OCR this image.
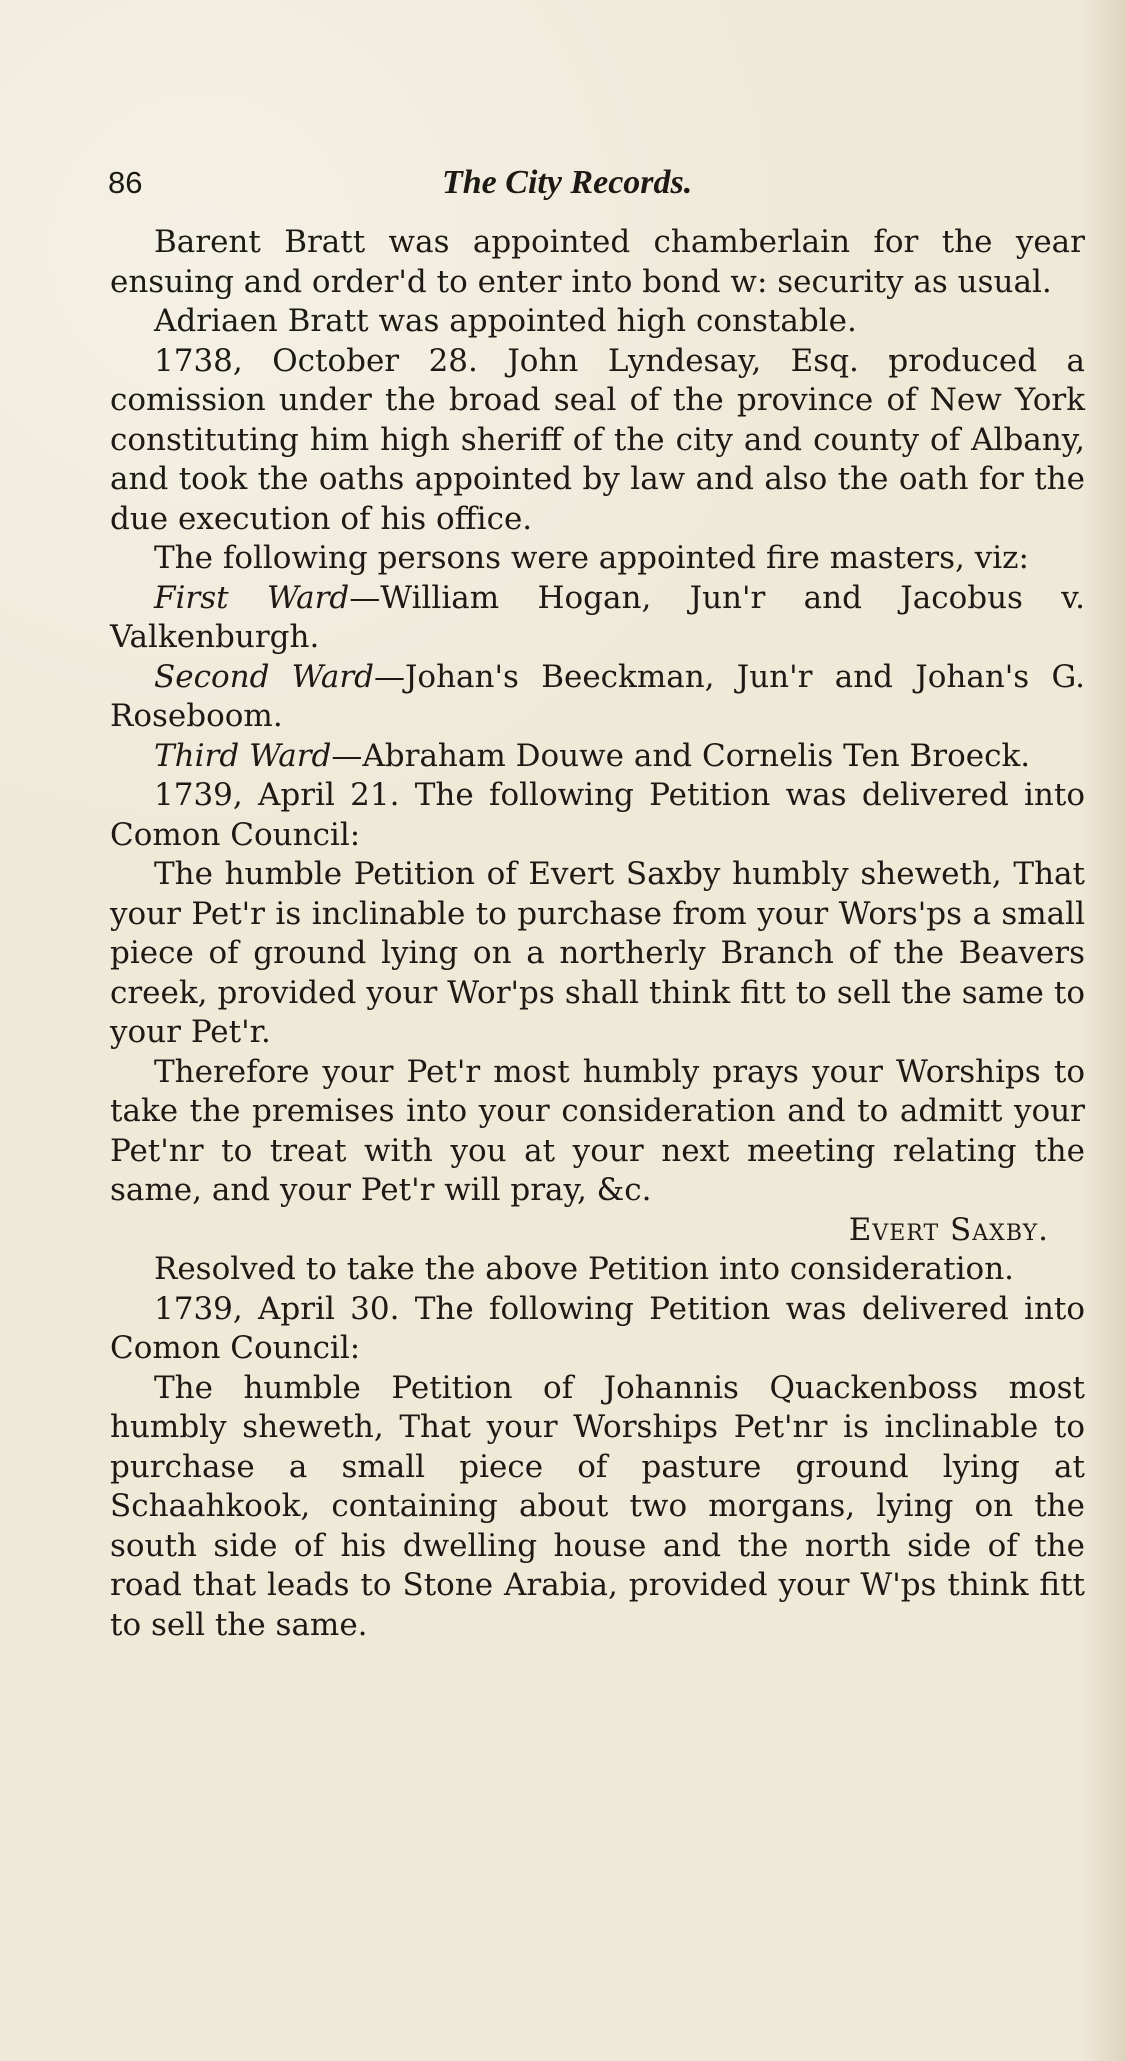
86	The City Records.

Barent Bratt was appointed chamberlain for the year ensuing and order'd to enter into bond w: security as usual.

Adriaen Bratt was appointed high constable.

1738, October 28. John Lyndesay, Esq. produced a comission under the broad seal of the province of New York constituting him high sheriff of the city and county of Albany, and took the oaths appointed by law and also the oath for the due execution of his office.

The following persons were appointed fire masters, viz:

First Ward—William Hogan, Jun'r and Jacobus v. Valkenburgh.

Second Ward—Johan's Beeckman, Jun'r and Johan's G. Roseboom.

Third Ward—Abraham Douwe and Cornelis Ten Broeck.

1739, April 21. The following Petition was delivered into Comon Council:

The humble Petition of Evert Saxby humbly sheweth, That your Pet'r is inclinable to purchase from your Wors'ps a small piece of ground lying on a northerly Branch of the Beavers creek, provided your Wor'ps shall think fitt to sell the same to your Pet'r.

Therefore your Pet'r most humbly prays your Worships to take the premises into your consideration and to admitt your Pet'nr to treat with you at your next meeting relating the same, and your Pet'r will pray, &c.

Evert Saxby.

Resolved to take the above Petition into consideration.

1739, April 30. The following Petition was delivered into Comon Council:

The humble Petition of Johannis Quackenboss most humbly sheweth, That your Worships Pet'nr is inclinable to purchase a small piece of pasture ground lying at Schaahkook, containing about two morgans, lying on the south side of his dwelling house and the north side of the road that leads to Stone Arabia, provided your W'ps think fitt to sell the same.
